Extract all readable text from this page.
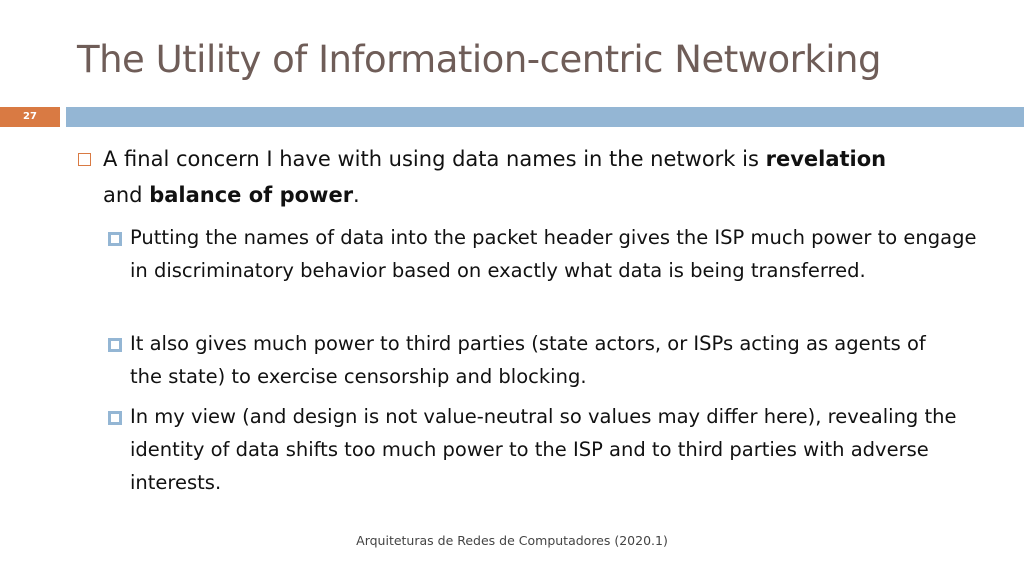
The Utility of Information-centric Networking
27
A final concern I have with using data names in the network is revelation and balance of power.
Putting the names of data into the packet header gives the ISP much power to engage in discriminatory behavior based on exactly what data is being transferred.
It also gives much power to third parties (state actors, or ISPs acting as agents of the state) to exercise censorship and blocking.
In my view (and design is not value-neutral so values may differ here), revealing the identity of data shifts too much power to the ISP and to third parties with adverse interests.
Arquiteturas de Redes de Computadores (2020.1)
